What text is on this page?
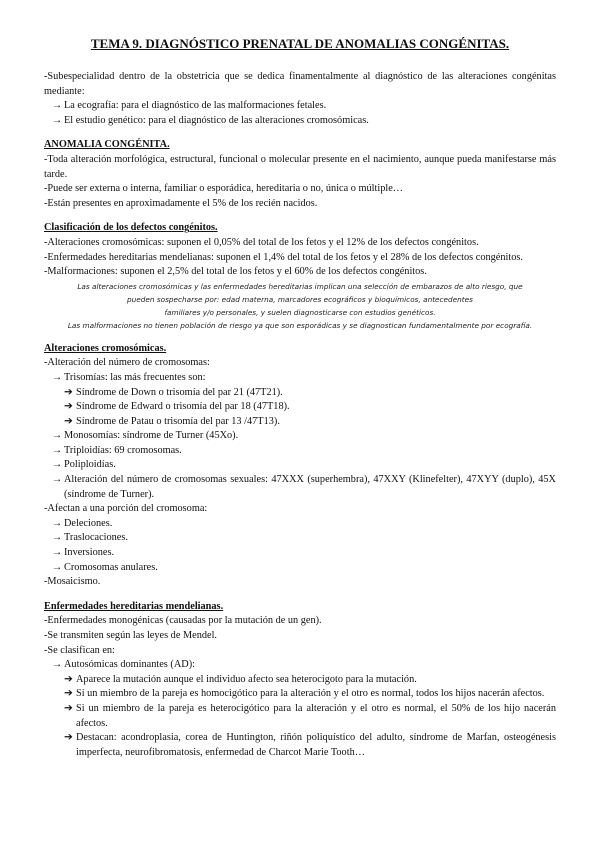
TEMA 9. DIAGNÓSTICO PRENATAL DE ANOMALIAS CONGÉNITAS.

-Subespecialidad dentro de la obstetricia que se dedica finamentalmente al diagnóstico de las alteraciones congénitas mediante:

→ La ecografía: para el diagnóstico de las malformaciones fetales.

→ El estudio genético: para el diagnóstico de las alteraciones cromosómicas.

ANOMALIA CONGÉNITA.

-Toda alteración morfológica, estructural, funcional o molecular presente en el nacimiento, aunque pueda manifestarse más tarde.

-Puede ser externa o interna, familiar o esporádica, hereditaria o no, única o múltiple…

-Están presentes en aproximadamente el 5% de los recién nacidos.

Clasificación de los defectos congénitos.

-Alteraciones cromosómicas: suponen el 0,05% del total de los fetos y el 12% de los defectos congénitos.

-Enfermedades hereditarias mendelianas: suponen el 1,4% del total de los fetos y el 28% de los defectos congénitos.

-Malformaciones: suponen el 2,5% del total de los fetos y el 60% de los defectos congénitos.

Las alteraciones cromosómicas y las enfermedades hereditarias implican una selección de embarazos de alto riesgo, que

pueden sospecharse por: edad materna, marcadores ecográficos y bioquímicos, antecedentes

familiares y/o personales, y suelen diagnosticarse con estudios genéticos.

Las malformaciones no tienen población de riesgo ya que son esporádicas y se diagnostican fundamentalmente por ecografía.

Alteraciones cromosómicas.

-Alteración del número de cromosomas:

→ Trisomías: las más frecuentes son:

➔ Síndrome de Down o trisomía del par 21 (47T21).

➔ Síndrome de Edward o trisomía del par 18 (47T18).

➔ Síndrome de Patau o trisomía del par 13 /47T13).

→ Monosomías: síndrome de Turner (45Xo).

→ Triploidías: 69 cromosomas.

→ Poliploidías.

→ Alteración del número de cromosomas sexuales: 47XXX (superhembra), 47XXY (Klinefelter), 47XYY (duplo), 45X (síndrome de Turner).

-Afectan a una porción del cromosoma:

→ Deleciones.

→ Traslocaciones.

→ Inversiones.

→ Cromosomas anulares.

-Mosaicismo.

Enfermedades hereditarias mendelianas.

-Enfermedades monogénicas (causadas por la mutación de un gen).

-Se transmiten según las leyes de Mendel.

-Se clasifican en:

→ Autosómicas dominantes (AD):

➔ Aparece la mutación aunque el individuo afecto sea heterocigoto para la mutación.

➔ Si un miembro de la pareja es homocigótico para la alteración y el otro es normal, todos los hijos nacerán afectos.

➔ Si un miembro de la pareja es heterocigótico para la alteración y el otro es normal, el 50% de los hijo nacerán afectos.

➔ Destacan: acondroplasia, corea de Huntington, riñón poliquístico del adulto, síndrome de Marfan, osteogénesis imperfecta, neurofibromatosis, enfermedad de Charcot Marie Tooth…
